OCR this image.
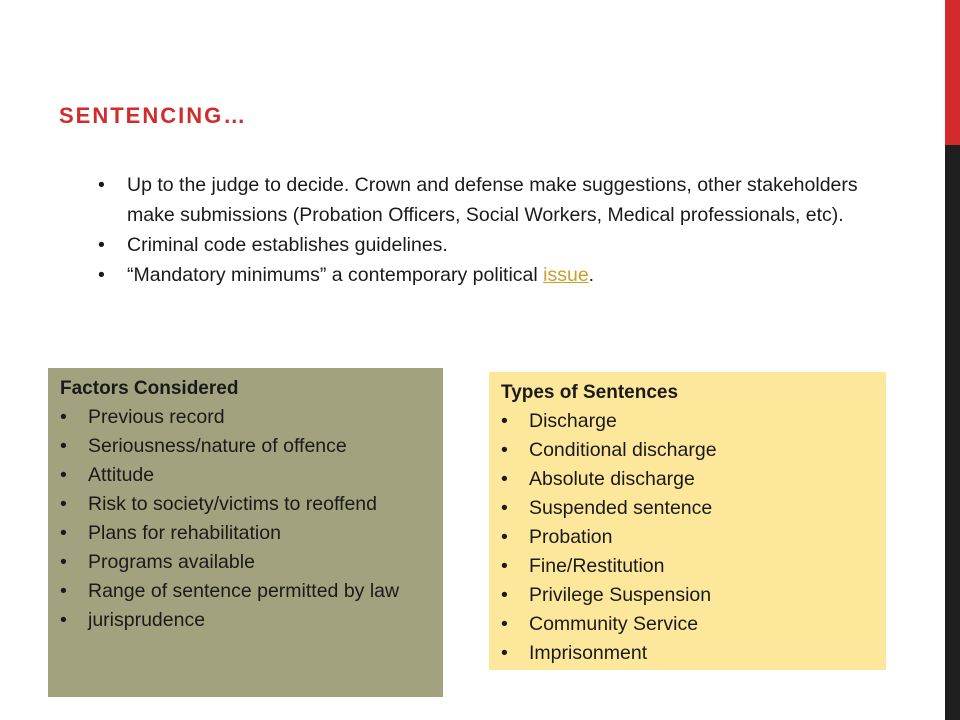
SENTENCING…
• Up to the judge to decide. Crown and defense make suggestions, other stakeholders make submissions (Probation Officers, Social Workers, Medical professionals, etc).
• Criminal code establishes guidelines.
• “Mandatory minimums” a contemporary political issue.
Factors Considered
• Previous record
• Seriousness/nature of offence
• Attitude
• Risk to society/victims to reoffend
• Plans for rehabilitation
• Programs available
• Range of sentence permitted by law
• jurisprudence
Types of Sentences
• Discharge
• Conditional discharge
• Absolute discharge
• Suspended sentence
• Probation
• Fine/Restitution
• Privilege Suspension
• Community Service
• Imprisonment
